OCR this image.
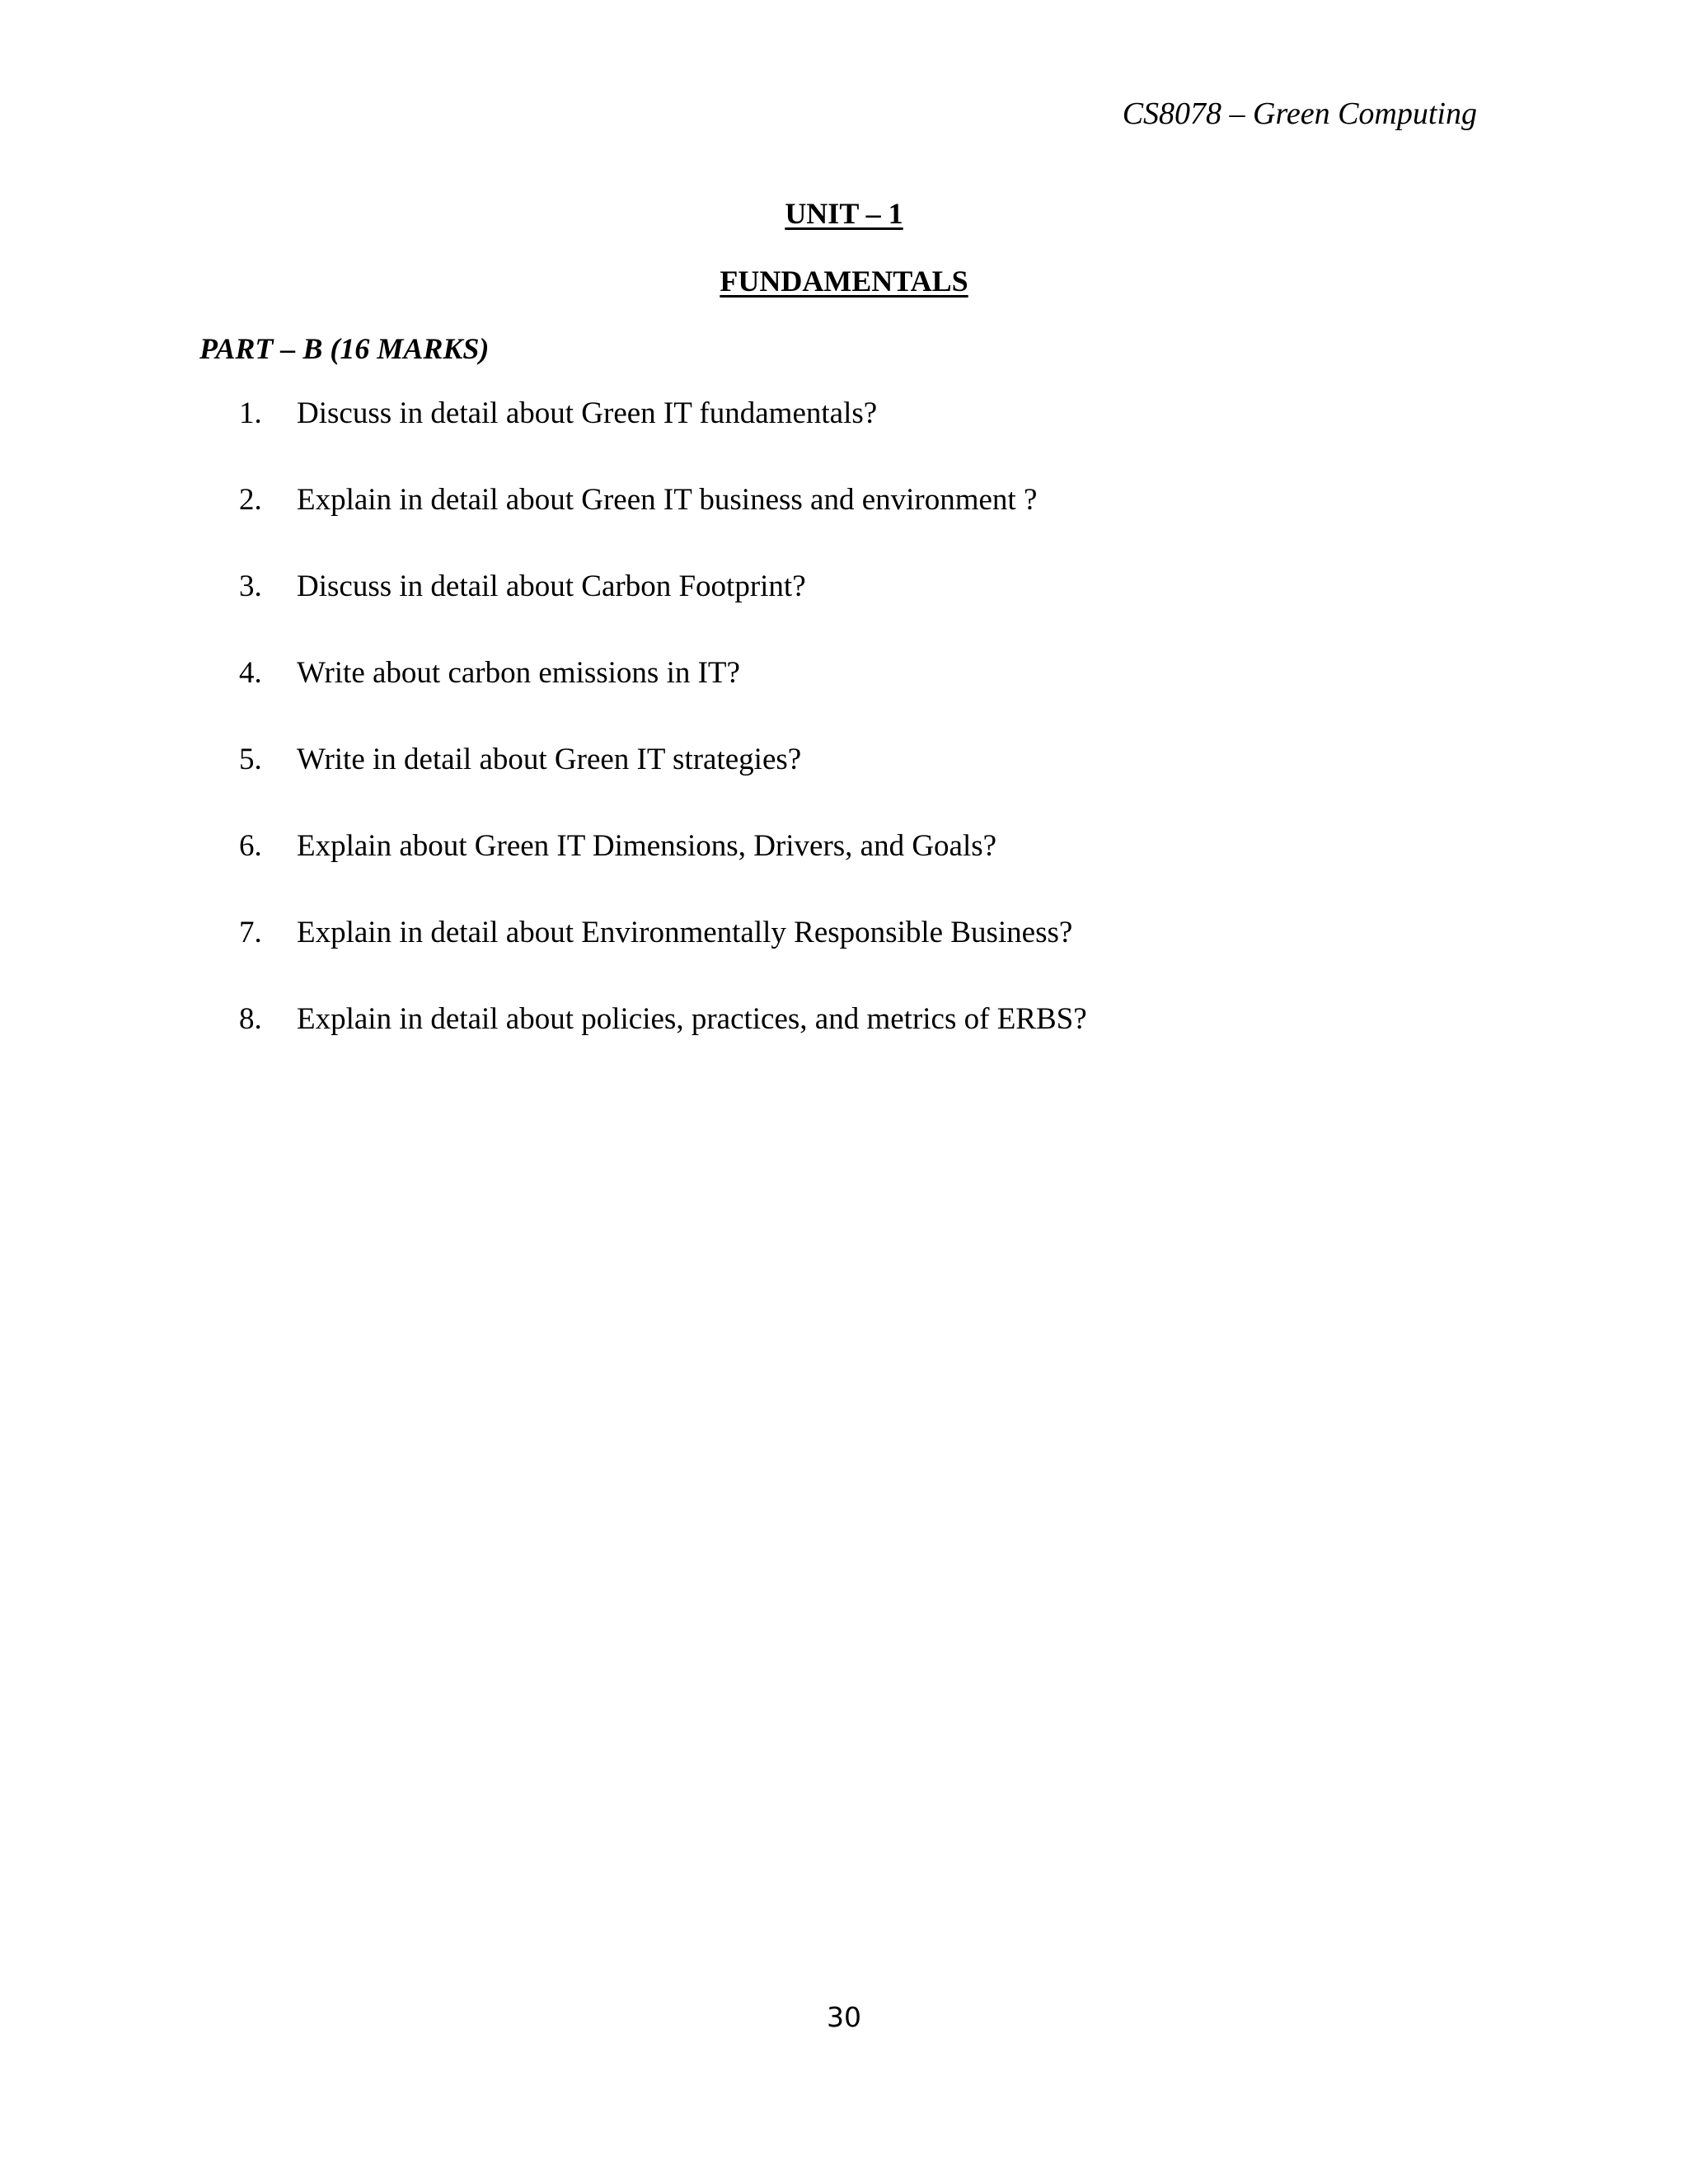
CS8078 – Green Computing
UNIT – 1
FUNDAMENTALS
PART – B (16 MARKS)
1.	Discuss in detail about Green IT fundamentals?
2.	Explain in detail about Green IT business and environment ?
3.	Discuss in detail about Carbon Footprint?
4.	Write about carbon emissions in IT?
5.	Write in detail about Green IT strategies?
6.	Explain about Green IT Dimensions, Drivers, and Goals?
7.	Explain in detail about Environmentally Responsible Business?
8.	Explain in detail about policies, practices, and metrics of ERBS?
30
